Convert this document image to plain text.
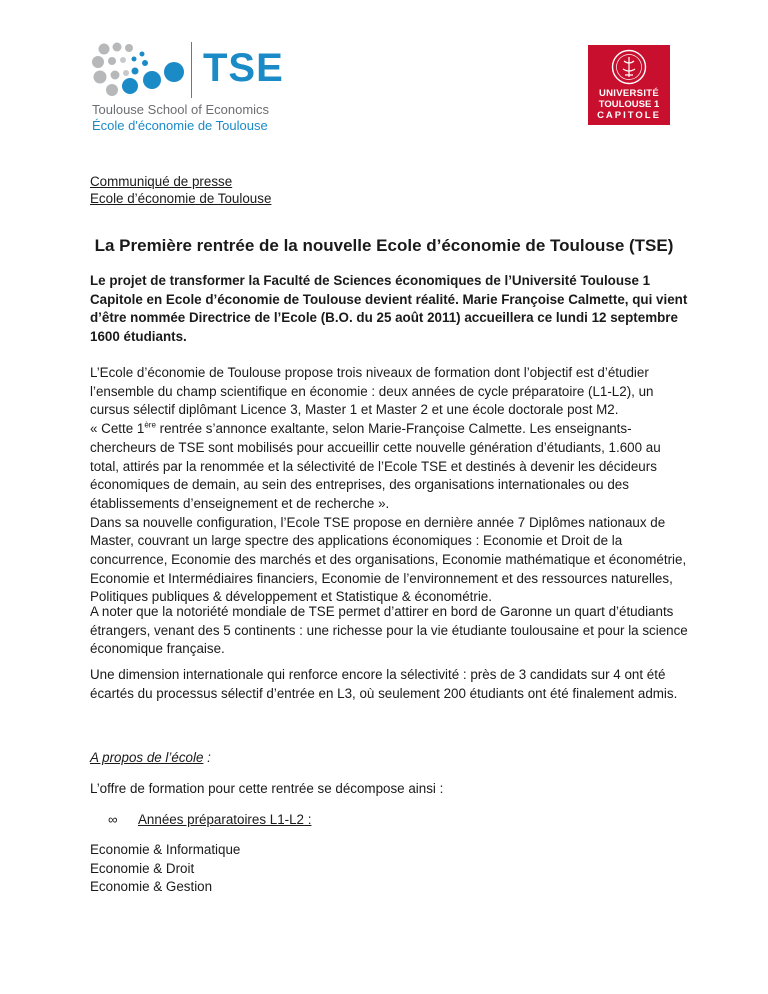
TSE
Toulouse School of Economics
École d'économie de Toulouse
UNIVERSITÉ
TOULOUSE 1
CAPITOLE
Communiqué de presse
Ecole d’économie de Toulouse
La Première rentrée de la nouvelle Ecole d’économie de Toulouse (TSE)

Le projet de transformer la Faculté de Sciences économiques de l’Université Toulouse 1 Capitole en Ecole d’économie de Toulouse devient réalité. Marie Françoise Calmette, qui vient d’être nommée Directrice de l’Ecole (B.O. du 25 août 2011) accueillera ce lundi 12 septembre 1600 étudiants.

L’Ecole d’économie de Toulouse propose trois niveaux de formation dont l’objectif est d’étudier l’ensemble du champ scientifique en économie : deux années de cycle préparatoire (L1-L2), un cursus sélectif diplômant Licence 3, Master 1 et Master 2 et une école doctorale post M2.

« Cette 1ère rentrée s’annonce exaltante, selon Marie-Françoise Calmette. Les enseignants-chercheurs de TSE sont mobilisés pour accueillir cette nouvelle génération d’étudiants, 1.600 au total, attirés par la renommée et la sélectivité de l’Ecole TSE et destinés à devenir les décideurs économiques de demain, au sein des entreprises, des organisations internationales ou des établissements d’enseignement et de recherche ».

Dans sa nouvelle configuration, l’Ecole TSE propose en dernière année 7 Diplômes nationaux de Master, couvrant un large spectre des applications économiques : Economie et Droit de la concurrence, Economie des marchés et des organisations, Economie mathématique et économétrie, Economie et Intermédiaires financiers, Economie de l’environnement et des ressources naturelles, Politiques publiques & développement et Statistique & économétrie.

A noter que la notoriété mondiale de TSE permet d’attirer en bord de Garonne un quart d’étudiants étrangers, venant des 5 continents : une richesse pour la vie étudiante toulousaine et pour la science économique française.

Une dimension internationale qui renforce encore la sélectivité : près de 3 candidats sur 4 ont été écartés du processus sélectif d’entrée en L3, où seulement 200 étudiants ont été finalement admis.

A propos de l’école :

L’offre de formation pour cette rentrée se décompose ainsi :

∞ Années préparatoires L1-L2 :
Economie & Informatique
Economie & Droit
Economie & Gestion
